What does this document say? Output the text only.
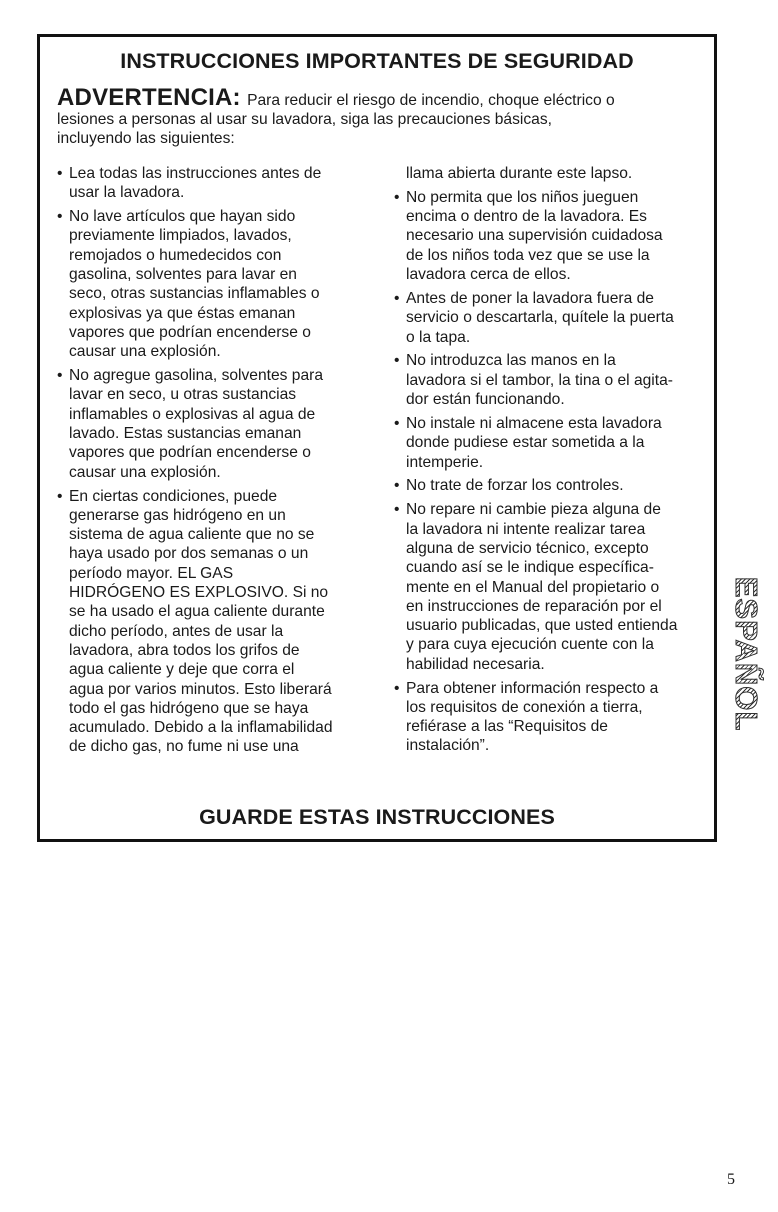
INSTRUCCIONES IMPORTANTES DE SEGURIDAD

ADVERTENCIA: Para reducir el riesgo de incendio, choque eléctrico o
lesiones a personas al usar su lavadora, siga las precauciones básicas,
incluyendo las siguientes:

• Lea todas las instrucciones antes de
usar la lavadora.
• No lave artículos que hayan sido
previamente limpiados, lavados,
remojados o humedecidos con
gasolina, solventes para lavar en
seco, otras sustancias inflamables o
explosivas ya que éstas emanan
vapores que podrían encenderse o
causar una explosión.
• No agregue gasolina, solventes para
lavar en seco, u otras sustancias
inflamables o explosivas al agua de
lavado. Estas sustancias emanan
vapores que podrían encenderse o
causar una explosión.
• En ciertas condiciones, puede
generarse gas hidrógeno en un
sistema de agua caliente que no se
haya usado por dos semanas o un
período mayor. EL GAS
HIDRÓGENO ES EXPLOSIVO. Si no
se ha usado el agua caliente durante
dicho período, antes de usar la
lavadora, abra todos los grifos de
agua caliente y deje que corra el
agua por varios minutos. Esto liberará
todo el gas hidrógeno que se haya
acumulado. Debido a la inflamabilidad
de dicho gas, no fume ni use una
llama abierta durante este lapso.
• No permita que los niños jueguen
encima o dentro de la lavadora. Es
necesario una supervisión cuidadosa
de los niños toda vez que se use la
lavadora cerca de ellos.
• Antes de poner la lavadora fuera de
servicio o descartarla, quítele la puerta
o la tapa.
• No introduzca las manos en la
lavadora si el tambor, la tina o el agita-
dor están funcionando.
• No instale ni almacene esta lavadora
donde pudiese estar sometida a la
intemperie.
• No trate de forzar los controles.
• No repare ni cambie pieza alguna de
la lavadora ni intente realizar tarea
alguna de servicio técnico, excepto
cuando así se le indique específica-
mente en el Manual del propietario o
en instrucciones de reparación por el
usuario publicadas, que usted entienda
y para cuya ejecución cuente con la
habilidad necesaria.
• Para obtener información respecto a
los requisitos de conexión a tierra,
refiérase a las “Requisitos de
instalación”.
GUARDE ESTAS INSTRUCCIONES
ESPAÑOL
5
